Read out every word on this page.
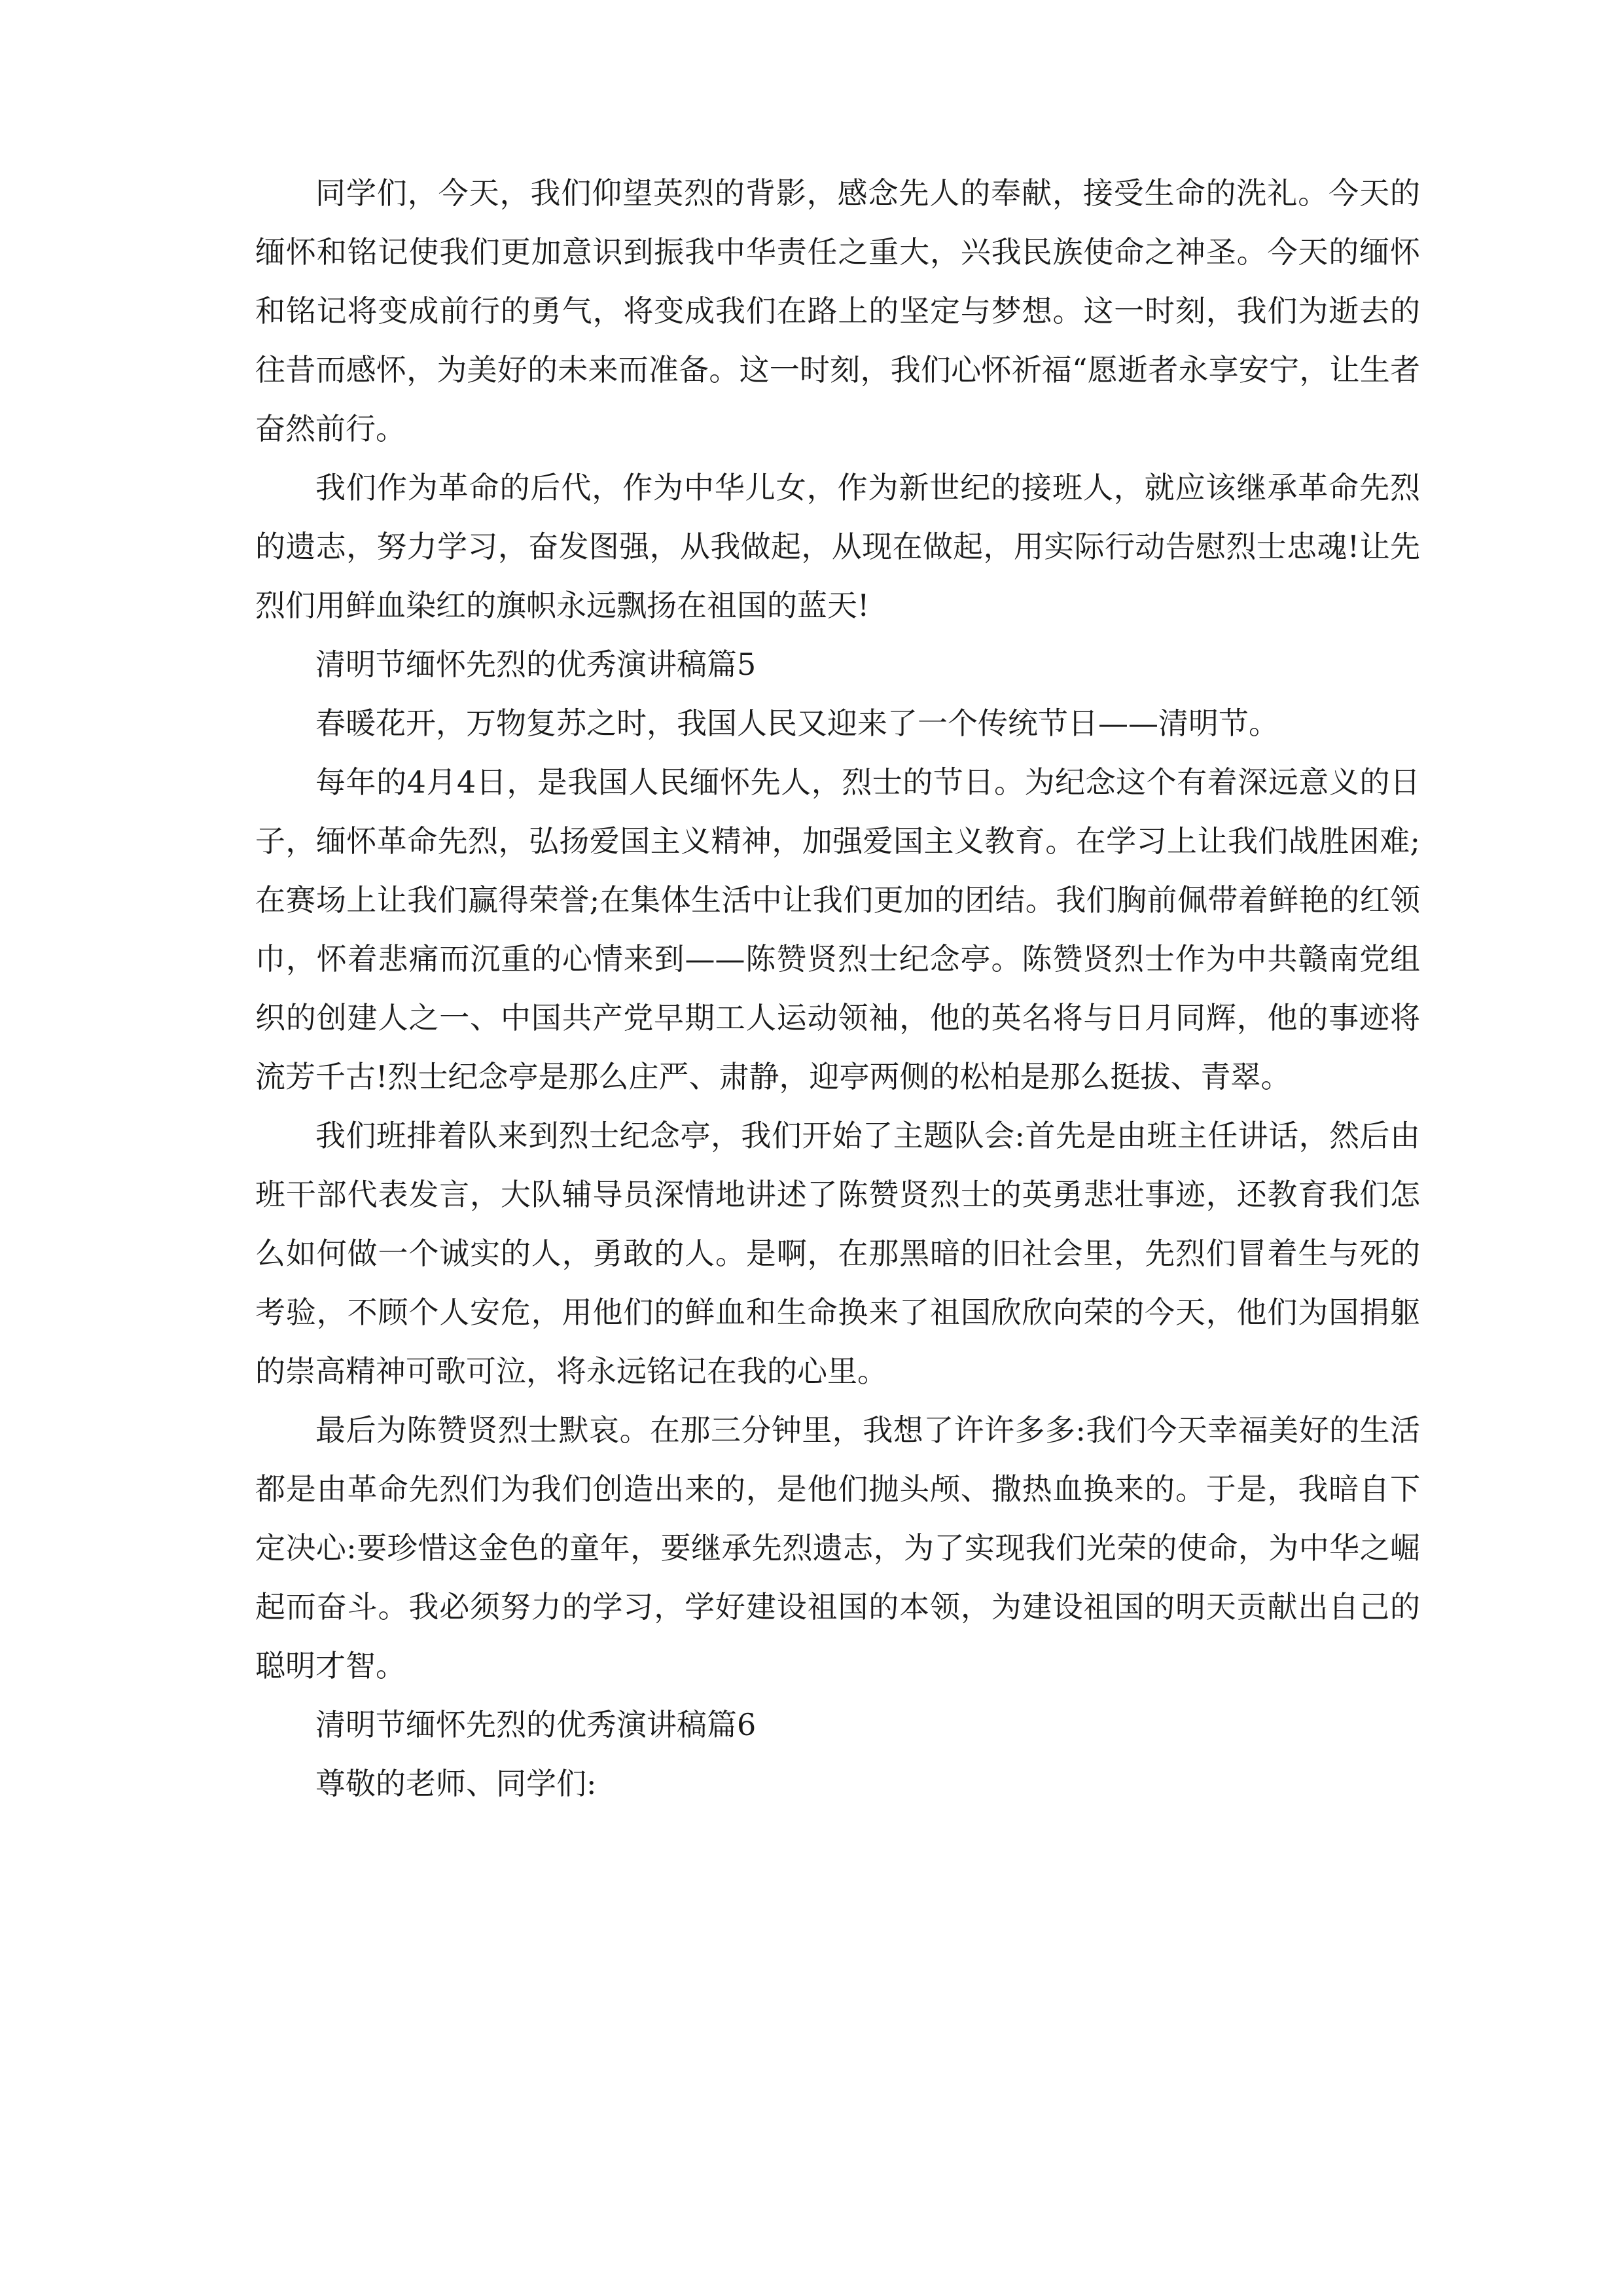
同学们，今天，我们仰望英烈的背影，感念先人的奉献，接受生命的洗礼。今天的缅怀和铭记使我们更加意识到振我中华责任之重大，兴我民族使命之神圣。今天的缅怀和铭记将变成前行的勇气，将变成我们在路上的坚定与梦想。这一时刻，我们为逝去的往昔而感怀，为美好的未来而准备。这一时刻，我们心怀祈福“愿逝者永享安宁，让生者奋然前行。

我们作为革命的后代，作为中华儿女，作为新世纪的接班人，就应该继承革命先烈的遗志，努力学习，奋发图强，从我做起，从现在做起，用实际行动告慰烈士忠魂!让先烈们用鲜血染红的旗帜永远飘扬在祖国的蓝天!

清明节缅怀先烈的优秀演讲稿篇5

春暖花开，万物复苏之时，我国人民又迎来了一个传统节日——清明节。

每年的4月4日，是我国人民缅怀先人，烈士的节日。为纪念这个有着深远意义的日子，缅怀革命先烈，弘扬爱国主义精神，加强爱国主义教育。在学习上让我们战胜困难;在赛场上让我们赢得荣誉;在集体生活中让我们更加的团结。我们胸前佩带着鲜艳的红领巾，怀着悲痛而沉重的心情来到——陈赞贤烈士纪念亭。陈赞贤烈士作为中共赣南党组织的创建人之一、中国共产党早期工人运动领袖，他的英名将与日月同辉，他的事迹将流芳千古!烈士纪念亭是那么庄严、肃静，迎亭两侧的松柏是那么挺拔、青翠。

我们班排着队来到烈士纪念亭，我们开始了主题队会:首先是由班主任讲话，然后由班干部代表发言，大队辅导员深情地讲述了陈赞贤烈士的英勇悲壮事迹，还教育我们怎么如何做一个诚实的人，勇敢的人。是啊，在那黑暗的旧社会里，先烈们冒着生与死的考验，不顾个人安危，用他们的鲜血和生命换来了祖国欣欣向荣的今天，他们为国捐躯的崇高精神可歌可泣，将永远铭记在我的心里。

最后为陈赞贤烈士默哀。在那三分钟里，我想了许许多多:我们今天幸福美好的生活都是由革命先烈们为我们创造出来的，是他们抛头颅、撒热血换来的。于是，我暗自下定决心:要珍惜这金色的童年，要继承先烈遗志，为了实现我们光荣的使命，为中华之崛起而奋斗。我必须努力的学习，学好建设祖国的本领，为建设祖国的明天贡献出自己的聪明才智。

清明节缅怀先烈的优秀演讲稿篇6

尊敬的老师、同学们:
